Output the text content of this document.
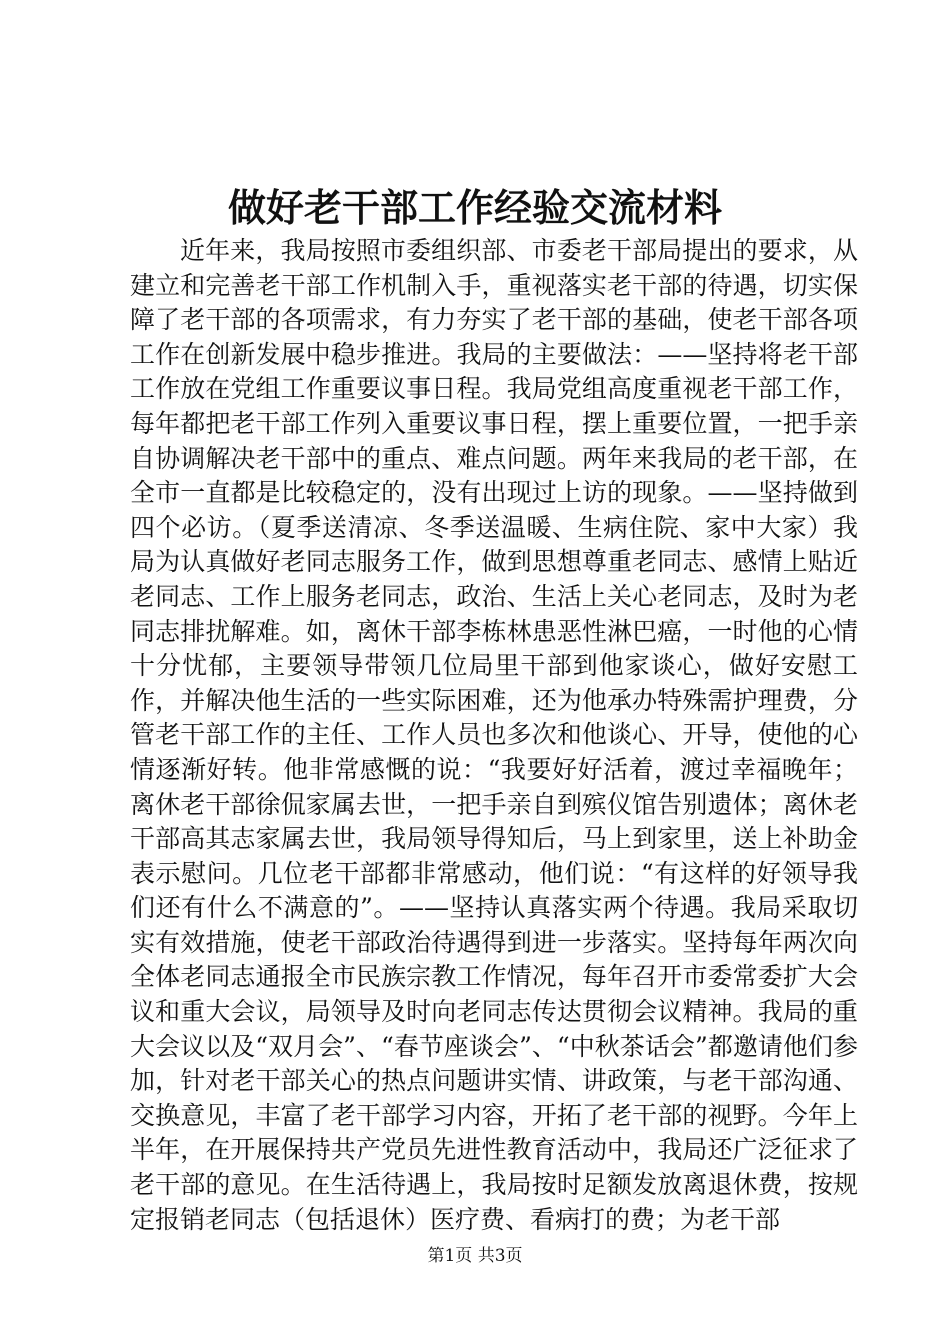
做好老干部工作经验交流材料

近年来，我局按照市委组织部、市委老干部局提出的要求，从建立和完善老干部工作机制入手，重视落实老干部的待遇，切实保障了老干部的各项需求，有力夯实了老干部的基础，使老干部各项工作在创新发展中稳步推进。我局的主要做法：——坚持将老干部工作放在党组工作重要议事日程。我局党组高度重视老干部工作，每年都把老干部工作列入重要议事日程，摆上重要位置，一把手亲自协调解决老干部中的重点、难点问题。两年来我局的老干部，在全市一直都是比较稳定的，没有出现过上访的现象。——坚持做到四个必访。（夏季送清凉、冬季送温暖、生病住院、家中大家）我局为认真做好老同志服务工作，做到思想尊重老同志、感情上贴近老同志、工作上服务老同志，政治、生活上关心老同志，及时为老同志排扰解难。如，离休干部李栋林患恶性淋巴癌，一时他的心情十分忧郁，主要领导带领几位局里干部到他家谈心，做好安慰工作，并解决他生活的一些实际困难，还为他承办特殊需护理费，分管老干部工作的主任、工作人员也多次和他谈心、开导，使他的心情逐渐好转。他非常感慨的说：“我要好好活着，渡过幸福晚年；离休老干部徐侃家属去世，一把手亲自到殡仪馆告别遗体；离休老干部高其志家属去世，我局领导得知后，马上到家里，送上补助金表示慰问。几位老干部都非常感动，他们说：“有这样的好领导我们还有什么不满意的”。——坚持认真落实两个待遇。我局采取切实有效措施，使老干部政治待遇得到进一步落实。坚持每年两次向全体老同志通报全市民族宗教工作情况，每年召开市委常委扩大会议和重大会议，局领导及时向老同志传达贯彻会议精神。我局的重大会议以及“双月会”、“春节座谈会”、“中秋茶话会”都邀请他们参加，针对老干部关心的热点问题讲实情、讲政策，与老干部沟通、交换意见，丰富了老干部学习内容，开拓了老干部的视野。今年上半年，在开展保持共产党员先进性教育活动中，我局还广泛征求了老干部的意见。在生活待遇上，我局按时足额发放离退休费，按规定报销老同志（包括退休）医疗费、看病打的费；为老干部

第1页 共3页
